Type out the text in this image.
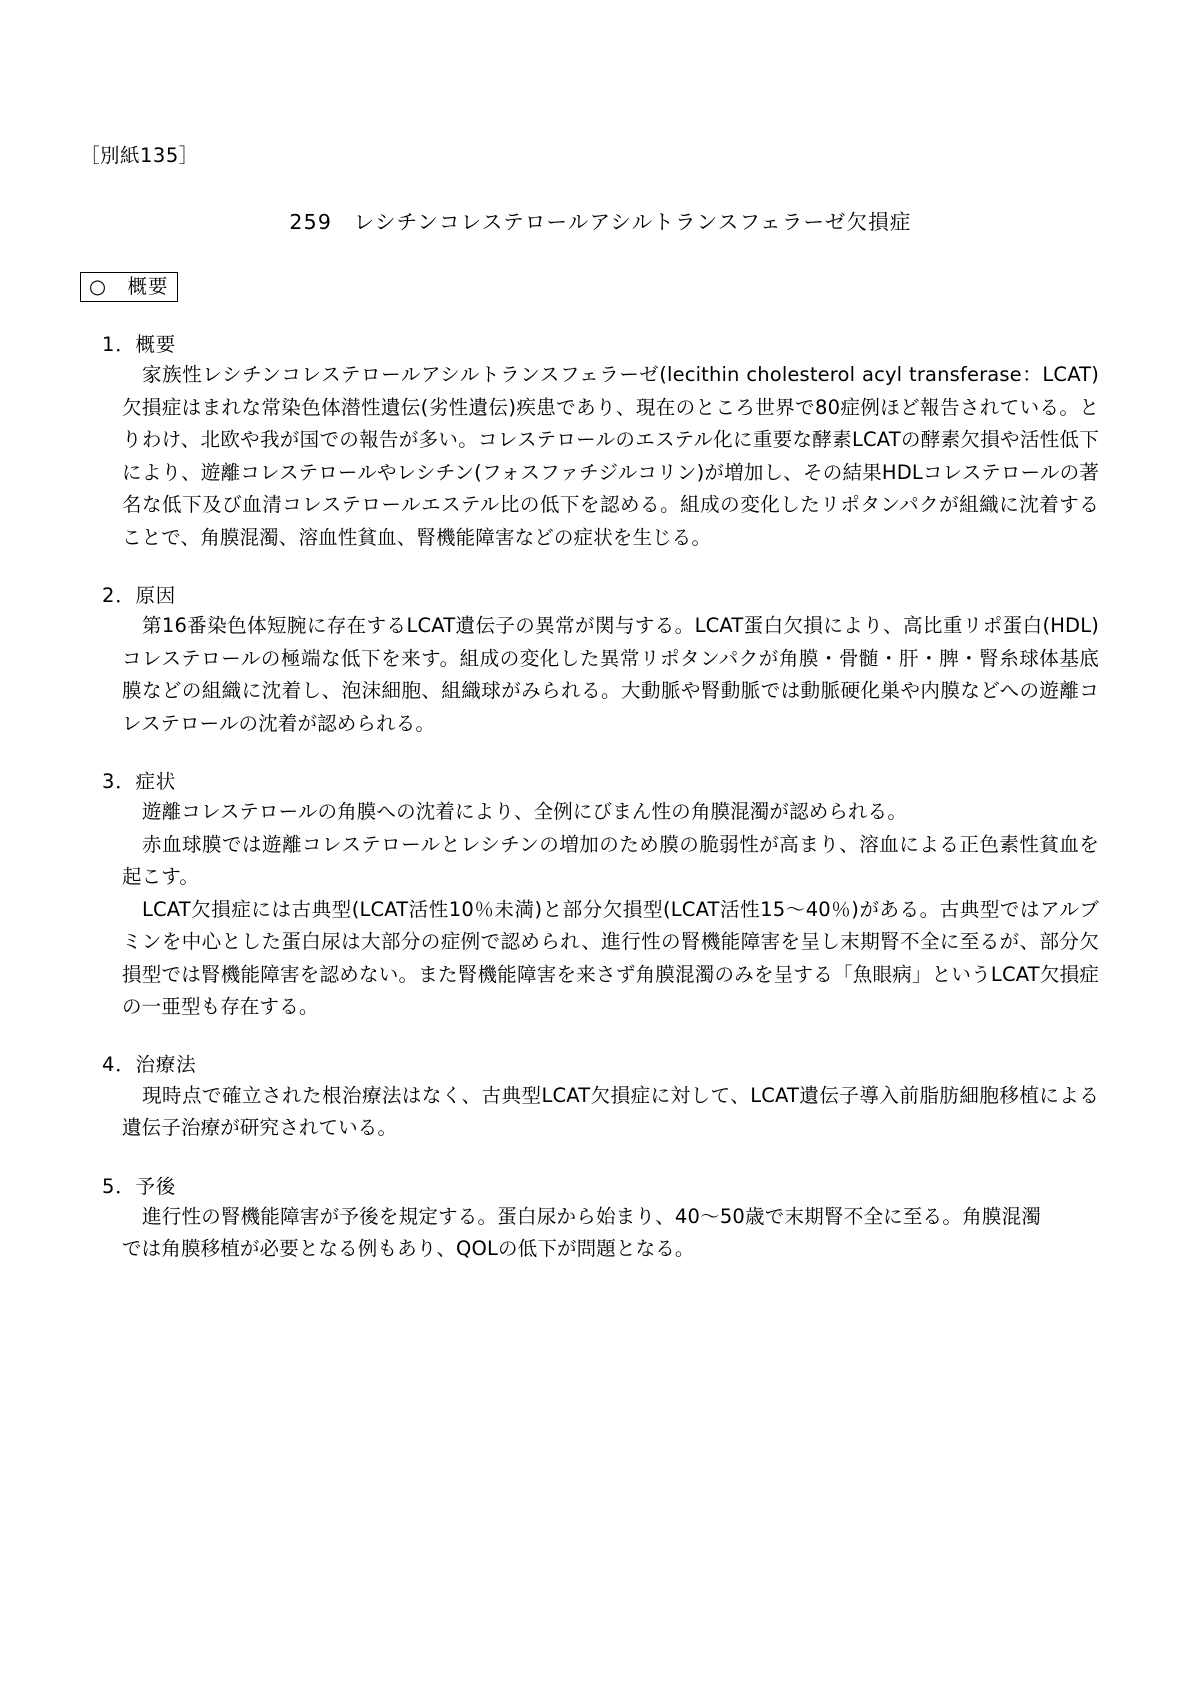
［別紙135］
259　レシチンコレステロールアシルトランスフェラーゼ欠損症
○　概要
1．概要
家族性レシチンコレステロールアシルトランスフェラーゼ(lecithin cholesterol acyl transferase：LCAT)欠損症はまれな常染色体潜性遺伝(劣性遺伝)疾患であり、現在のところ世界で80症例ほど報告されている。とりわけ、北欧や我が国での報告が多い。コレステロールのエステル化に重要な酵素LCATの酵素欠損や活性低下により、遊離コレステロールやレシチン(フォスファチジルコリン)が増加し、その結果HDLコレステロールの著名な低下及び血清コレステロールエステル比の低下を認める。組成の変化したリポタンパクが組織に沈着することで、角膜混濁、溶血性貧血、腎機能障害などの症状を生じる。
2．原因
第16番染色体短腕に存在するLCAT遺伝子の異常が関与する。LCAT蛋白欠損により、高比重リポ蛋白(HDL)コレステロールの極端な低下を来す。組成の変化した異常リポタンパクが角膜・骨髄・肝・脾・腎糸球体基底膜などの組織に沈着し、泡沫細胞、組織球がみられる。大動脈や腎動脈では動脈硬化巣や内膜などへの遊離コレステロールの沈着が認められる。
3．症状
遊離コレステロールの角膜への沈着により、全例にびまん性の角膜混濁が認められる。
赤血球膜では遊離コレステロールとレシチンの増加のため膜の脆弱性が高まり、溶血による正色素性貧血を起こす。
LCAT欠損症には古典型(LCAT活性10％未満)と部分欠損型(LCAT活性15〜40％)がある。古典型ではアルブミンを中心とした蛋白尿は大部分の症例で認められ、進行性の腎機能障害を呈し末期腎不全に至るが、部分欠損型では腎機能障害を認めない。また腎機能障害を来さず角膜混濁のみを呈する「魚眼病」というLCAT欠損症の一亜型も存在する。
4．治療法
現時点で確立された根治療法はなく、古典型LCAT欠損症に対して、LCAT遺伝子導入前脂肪細胞移植による遺伝子治療が研究されている。
5．予後
進行性の腎機能障害が予後を規定する。蛋白尿から始まり、40〜50歳で末期腎不全に至る。角膜混濁では角膜移植が必要となる例もあり、QOLの低下が問題となる。
